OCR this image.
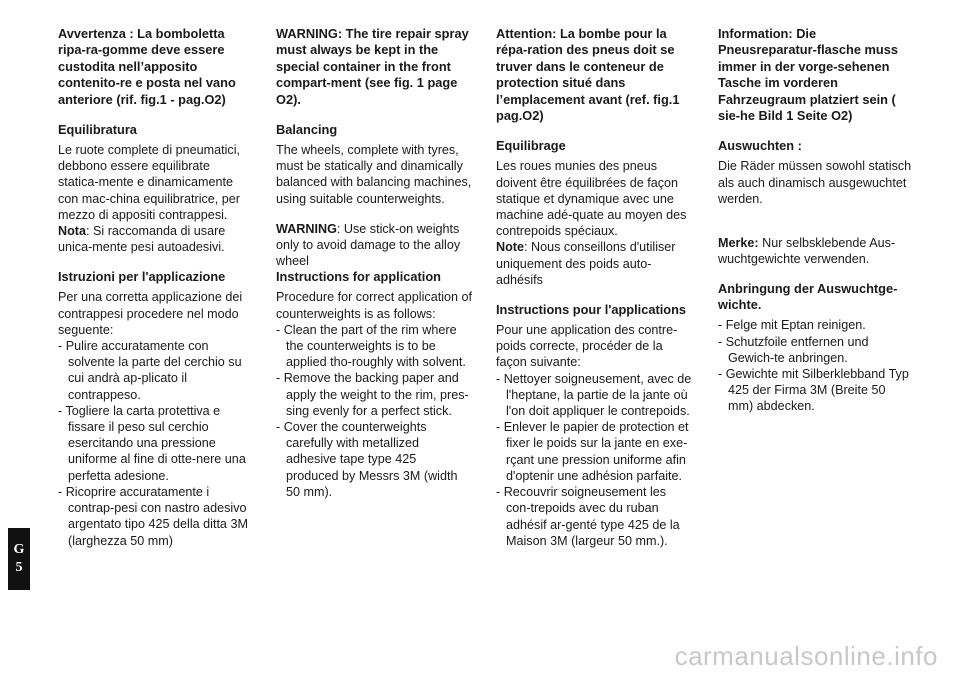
Avvertenza : La bomboletta ripa-ra-gomme deve essere custodita nell’apposito contenito-re e posta nel vano anteriore (rif. fig.1 - pag.O2)

Equilibratura

Le ruote complete di pneumatici, debbono essere equilibrate statica-mente e dinamicamente con mac-china equilibratrice, per mezzo di appositi contrappesi.

Nota: Si raccomanda di usare unica-mente pesi autoadesivi.

Istruzioni per l'applicazione

Per una corretta applicazione dei contrappesi procedere nel modo seguente:

- Pulire accuratamente con solvente la parte del cerchio su cui andrà ap-plicato il contrappeso.
- Togliere la carta protettiva e fissare il peso sul cerchio esercitando una pressione uniforme al fine di otte-nere una perfetta adesione.
- Ricoprire accuratamente i contrap-pesi con nastro adesivo argentato tipo 425 della ditta 3M (larghezza 50 mm)

WARNING: The tire repair spray must always be kept in the special container in the front compart-ment (see fig. 1 page O2).

Balancing

The wheels, complete with tyres, must be statically and dinamically balanced with balancing machines, using suitable counterweights.

WARNING: Use stick-on weights only to avoid damage to the alloy wheel

Instructions for application

Procedure for correct application of counterweights is as follows:

- Clean the part of the rim where the counterweights is to be applied tho-roughly with solvent.
- Remove the backing paper and apply the weight to the rim, pres-sing evenly for a perfect stick.
- Cover the counterweights carefully with metallized adhesive tape type 425 produced by Messrs 3M (width 50 mm).

Attention: La bombe pour la répa-ration des pneus doit se truver dans le conteneur de protection situé dans l’emplacement avant (ref. fig.1 pag.O2)

Equilibrage

Les roues munies des pneus doivent être équilibrées de façon statique et dynamique avec une machine adé-quate au moyen des contrepoids spéciaux.

Note: Nous conseillons d'utiliser uniquement des poids auto-adhésifs

Instructions pour l'applications

Pour une application des contre-poids correcte, procéder de la façon suivante:

- Nettoyer soigneusement, avec de l'heptane, la partie de la jante où l'on doit appliquer le contrepoids.
- Enlever le papier de protection et fixer le poids sur la jante en exe-rçant une pression uniforme afin d'optenir une adhésion parfaite.
- Recouvrir soigneusement les con-trepoids avec du ruban adhésif ar-genté type 425 de la Maison 3M (largeur 50 mm.).

Information: Die Pneusreparatur-flasche muss immer in der vorge-sehenen Tasche im vorderen Fahrzeugraum platziert sein ( sie-he Bild 1 Seite O2)

Auswuchten :

Die Räder müssen sowohl statisch als auch dinamisch ausgewuchtet werden.

Merke: Nur selbsklebende Aus-wuchtgewichte verwenden.

Anbringung der Auswuchtge-wichte.
- Felge mit Eptan reinigen.
- Schutzfoile entfernen und Gewich-te anbringen.
- Gewichte mit Silberklebband Typ 425 der Firma 3M (Breite 50 mm) abdecken.
G
5
carmanualsonline.info
